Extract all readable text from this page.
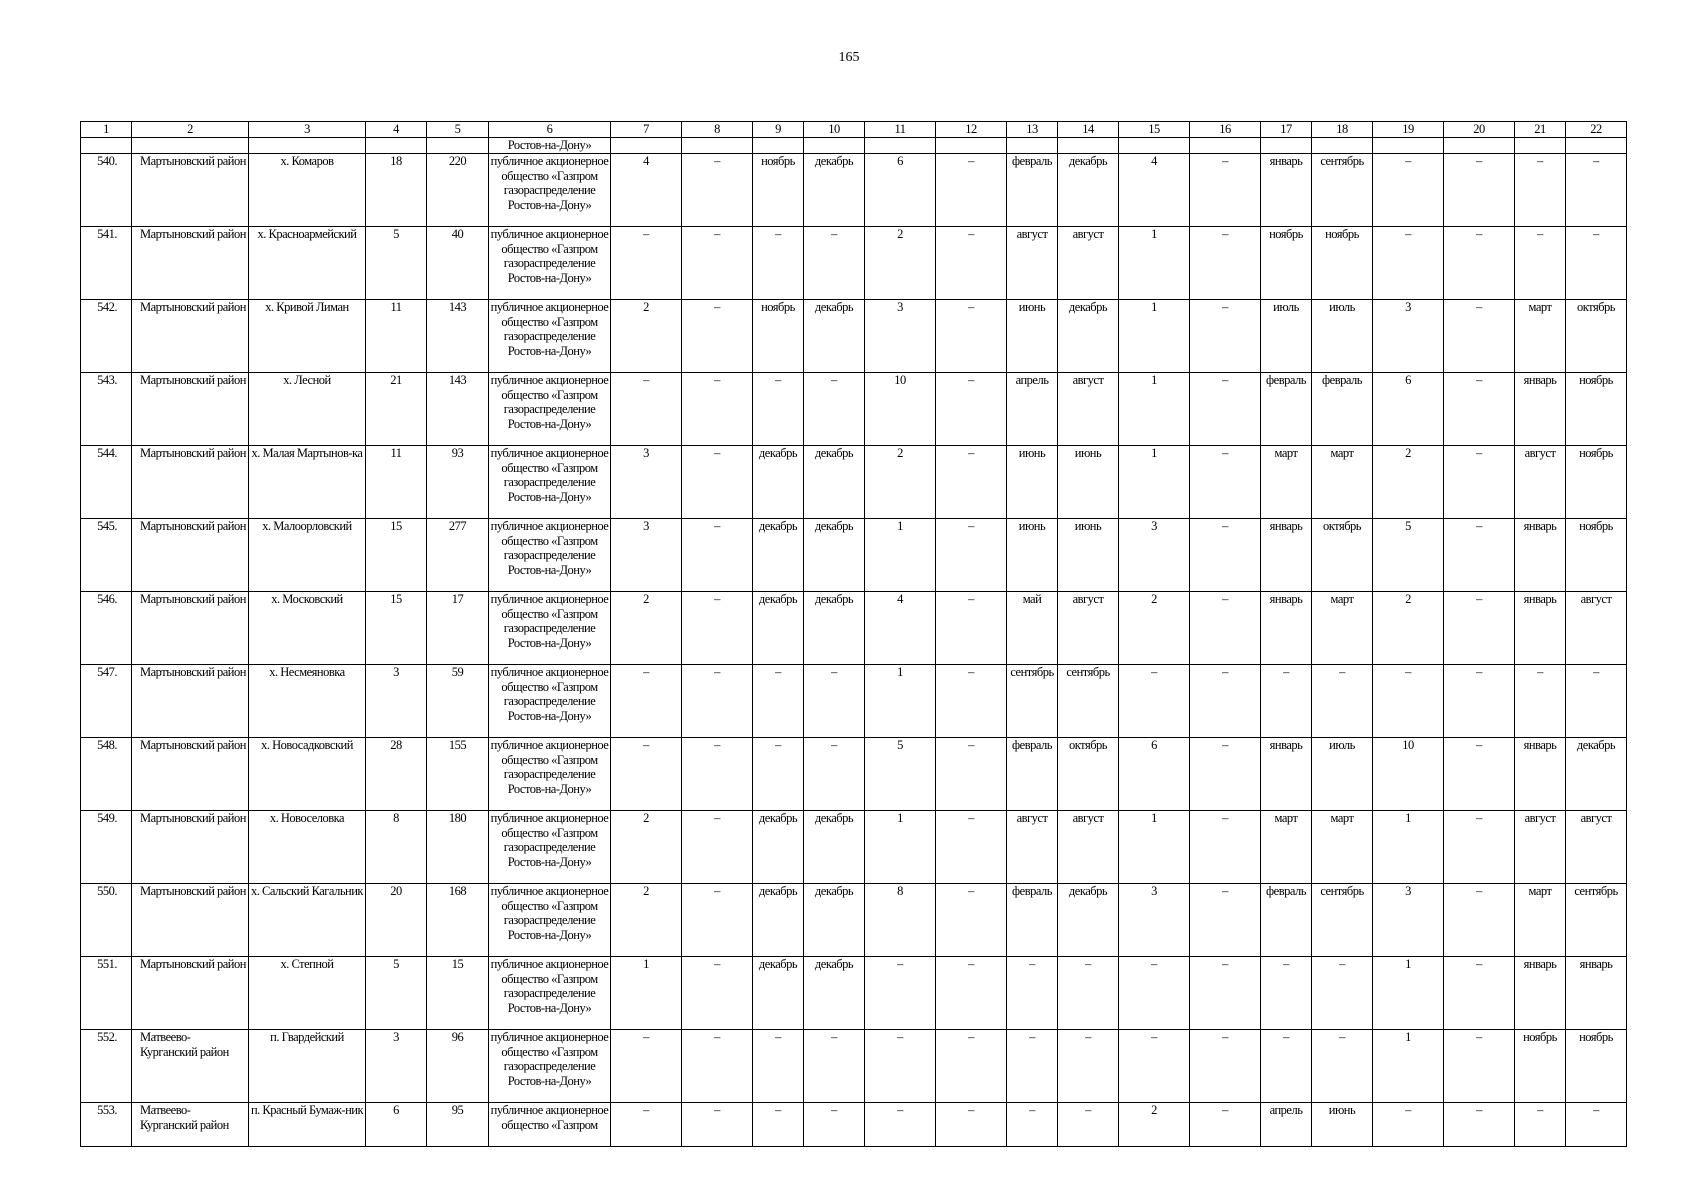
165
1	2	3	4	5	6	7	8	9	10	11	12	13	14	15	16	17	18	19	20	21	22
					Ростов-на-Дону»																
540.	Мартыновский район	х. Комаров	18	220	публичное акционерное общество «Газпром газораспределение Ростов-на-Дону»	4	–	ноябрь	декабрь	6	–	февраль	декабрь	4	–	январь	сентябрь	–	–	–	–
541.	Мартыновский район	х. Красноармейский	5	40	публичное акционерное общество «Газпром газораспределение Ростов-на-Дону»	–	–	–	–	2	–	август	август	1	–	ноябрь	ноябрь	–	–	–	–
542.	Мартыновский район	х. Кривой Лиман	11	143	публичное акционерное общество «Газпром газораспределение Ростов-на-Дону»	2	–	ноябрь	декабрь	3	–	июнь	декабрь	1	–	июль	июль	3	–	март	октябрь
543.	Мартыновский район	х. Лесной	21	143	публичное акционерное общество «Газпром газораспределение Ростов-на-Дону»	–	–	–	–	10	–	апрель	август	1	–	февраль	февраль	6	–	январь	ноябрь
544.	Мартыновский район	х. Малая Мартынов-ка	11	93	публичное акционерное общество «Газпром газораспределение Ростов-на-Дону»	3	–	декабрь	декабрь	2	–	июнь	июнь	1	–	март	март	2	–	август	ноябрь
545.	Мартыновский район	х. Малоорловский	15	277	публичное акционерное общество «Газпром газораспределение Ростов-на-Дону»	3	–	декабрь	декабрь	1	–	июнь	июнь	3	–	январь	октябрь	5	–	январь	ноябрь
546.	Мартыновский район	х. Московский	15	17	публичное акционерное общество «Газпром газораспределение Ростов-на-Дону»	2	–	декабрь	декабрь	4	–	май	август	2	–	январь	март	2	–	январь	август
547.	Мартыновский район	х. Несмеяновка	3	59	публичное акционерное общество «Газпром газораспределение Ростов-на-Дону»	–	–	–	–	1	–	сентябрь	сентябрь	–	–	–	–	–	–	–	–
548.	Мартыновский район	х. Новосадковский	28	155	публичное акционерное общество «Газпром газораспределение Ростов-на-Дону»	–	–	–	–	5	–	февраль	октябрь	6	–	январь	июль	10	–	январь	декабрь
549.	Мартыновский район	х. Новоселовка	8	180	публичное акционерное общество «Газпром газораспределение Ростов-на-Дону»	2	–	декабрь	декабрь	1	–	август	август	1	–	март	март	1	–	август	август
550.	Мартыновский район	х. Сальский Кагальник	20	168	публичное акционерное общество «Газпром газораспределение Ростов-на-Дону»	2	–	декабрь	декабрь	8	–	февраль	декабрь	3	–	февраль	сентябрь	3	–	март	сентябрь
551.	Мартыновский район	х. Степной	5	15	публичное акционерное общество «Газпром газораспределение Ростов-на-Дону»	1	–	декабрь	декабрь	–	–	–	–	–	–	–	–	1	–	январь	январь
552.	Матвеево-Курганский район	п. Гвардейский	3	96	публичное акционерное общество «Газпром газораспределение Ростов-на-Дону»	–	–	–	–	–	–	–	–	–	–	–	–	1	–	ноябрь	ноябрь
553.	Матвеево-Курганский район	п. Красный Бумаж-ник	6	95	публичное акционерное общество «Газпром	–	–	–	–	–	–	–	–	2	–	апрель	июнь	–	–	–	–
